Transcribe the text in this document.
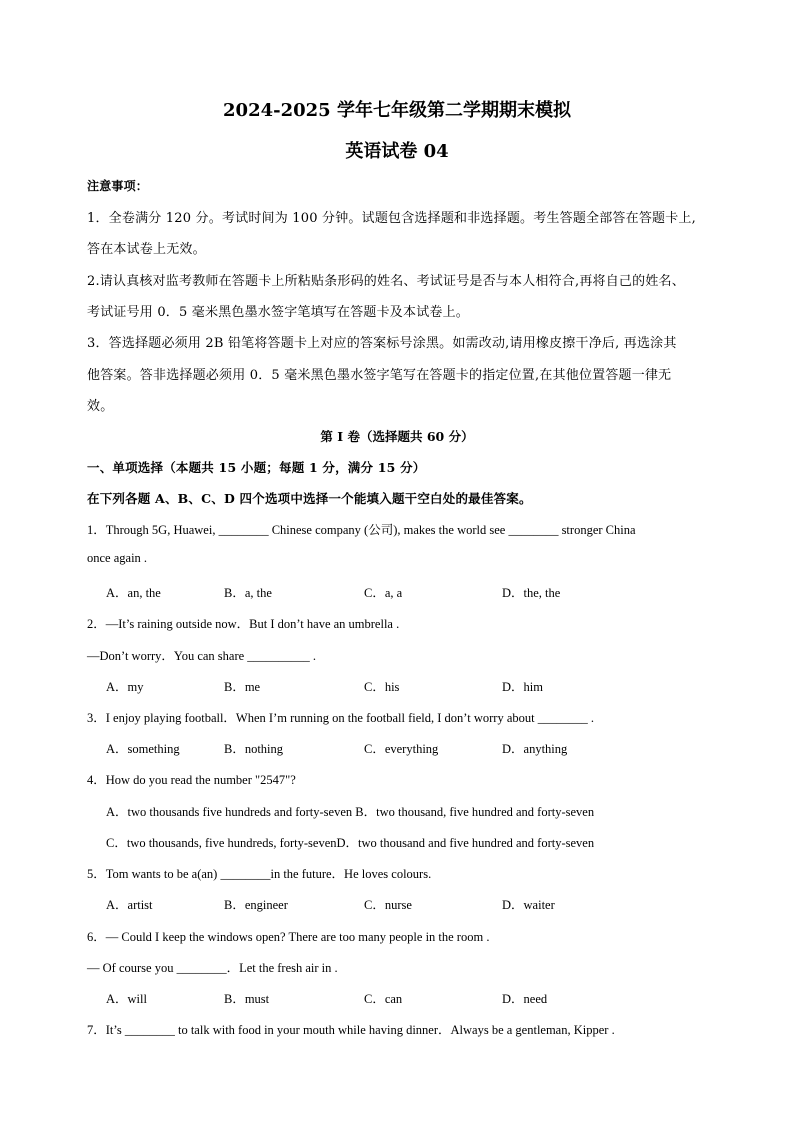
2024-2025 学年七年级第二学期期末模拟
英语试卷 04
注意事项：
1．全卷满分 120 分。考试时间为 100 分钟。试题包含选择题和非选择题。考生答题全部答在答题卡上,
答在本试卷上无效。
2.请认真核对监考教师在答题卡上所粘贴条形码的姓名、考试证号是否与本人相符合,再将自己的姓名、
考试证号用 0．5 毫米黑色墨水签字笔填写在答题卡及本试卷上。
3．答选择题必须用 2B 铅笔将答题卡上对应的答案标号涂黑。如需改动,请用橡皮擦干净后, 再选涂其
他答案。答非选择题必须用 0．5 毫米黑色墨水签字笔写在答题卡的指定位置,在其他位置答题一律无
效。
第 I 卷（选择题共 60 分）
一、单项选择（本题共 15 小题；每题 1 分，满分 15 分）
在下列各题 A、B、C、D 四个选项中选择一个能填入题干空白处的最佳答案。
1．Through 5G, Huawei, ________ Chinese company (公司), makes the world see ________ stronger China
once again .
A．an, the	B．a, the	C．a, a	D．the, the
2．—It’s raining outside now．But I don’t have an umbrella .
—Don’t worry．You can share __________ .
A．my	B．me	C．his	D．him
3．I enjoy playing football．When I’m running on the football field, I don’t worry about ________ .
A．something	B．nothing	C．everything	D．anything
4．How do you read the number "2547"?
A．two thousands five hundreds and forty-seven B．two thousand, five hundred and forty-seven
C．two thousands, five hundreds, forty-sevenD．two thousand and five hundred and forty-seven
5．Tom wants to be a(an) ________in the future．He loves colours.
A．artist	B．engineer	C．nurse	D．waiter
6．— Could I keep the windows open? There are too many people in the room .
— Of course you ________．Let the fresh air in .
A．will	B．must	C．can	D．need
7．It’s ________ to talk with food in your mouth while having dinner．Always be a gentleman, Kipper .
